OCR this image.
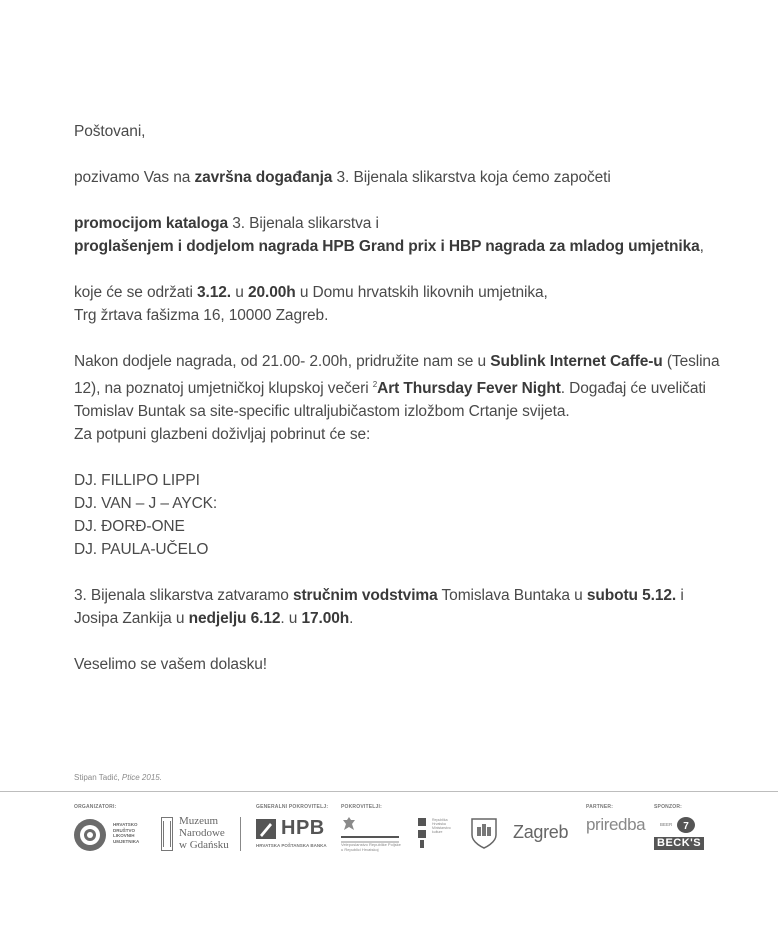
Poštovani,

pozivamo Vas na završna događanja 3. Bijenala slikarstva koja ćemo započeti

promocijom kataloga 3. Bijenala slikarstva i

proglašenjem i dodjelom nagrada HPB Grand prix i HBP nagrada za mladog umjetnika,

koje će se održati 3.12. u 20.00h u Domu hrvatskih likovnih umjetnika,

Trg žrtava fašizma 16, 10000 Zagreb.

Nakon dodjele nagrada, od 21.00- 2.00h, pridružite nam se u Sublink Internet Caffe-u (Teslina 12), na poznatoj umjetničkoj klupskoj večeri $^2$Art Thursday Fever Night. Događaj će uveličati Tomislav Buntak sa site-specific ultraljubičastom izložbom Crtanje svijeta.

Za potpuni glazbeni doživljaj pobrinut će se:

DJ. FILLIPO LIPPI

DJ. VAN – J – AYCK:

DJ. ĐORĐ-ONE

DJ. PAULA-UČELO

3. Bijenala slikarstva zatvaramo stručnim vodstvima Tomislava Buntaka u subotu 5.12. i
Josipa Zankija u nedjelju 6.12. u 17.00h.

Veselimo se vašem dolasku!

Stipan Tadić, Ptice 2015.
ORGANIZATORI:	GENERALNI POKROVITELJ:	POKROVITELJI:	PARTNER:	SPONZOR:
HRVATSKO DRUŠTVO LIKOVNIH UMJETNIKA
Muzeum
Narodowe
w Gdańsku
HPB
HRVATSKA POŠTANSKA BANKA	Veleposlanstvo Republike Poljske u Republici Hrvatskoj
Republika Hrvatska Ministarstvo kulture	Zagreb priredba	7
BEER
BECK'S
